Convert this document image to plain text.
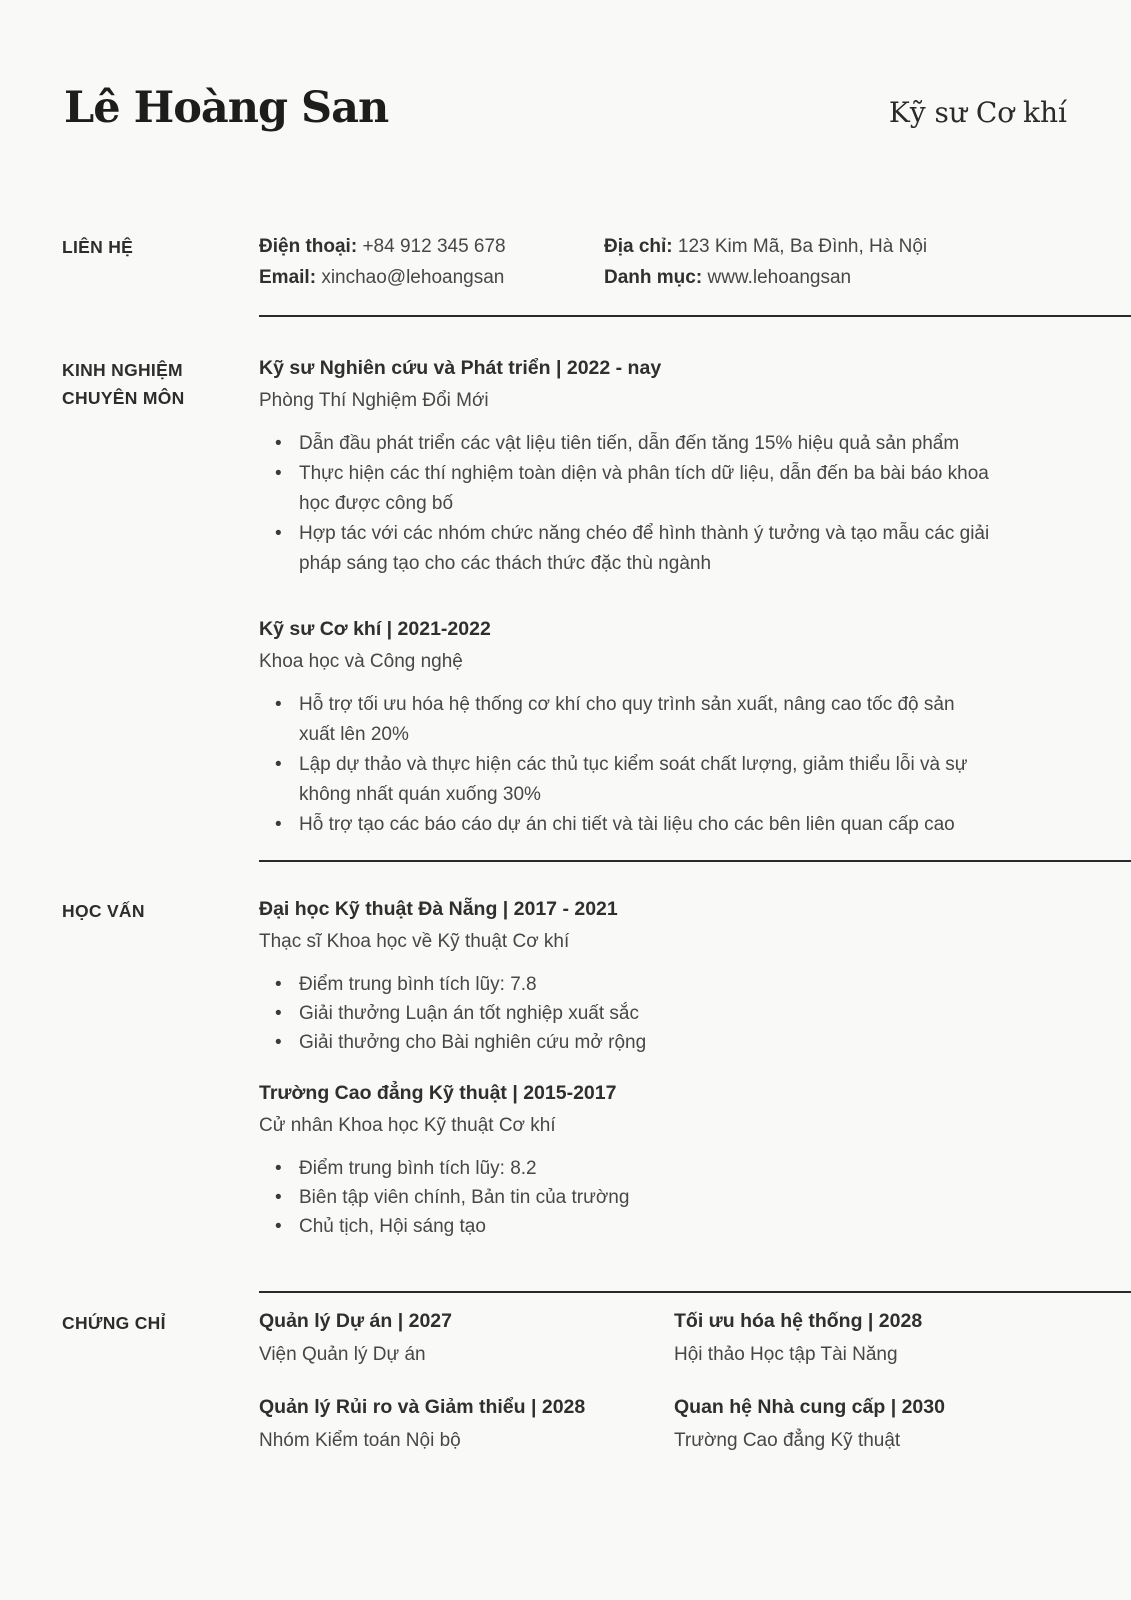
Lê Hoàng San	Kỹ sư Cơ khí
LIÊN HỆ	Điện thoại: +84 912 345 678
Email: xinchao@lehoangsan
Địa chỉ: 123 Kim Mã, Ba Đình, Hà Nội
Danh mục: www.lehoangsan
KINH NGHIỆM
CHUYÊN MÔN
Kỹ sư Nghiên cứu và Phát triển | 2022 - nay
Phòng Thí Nghiệm Đổi Mới
• Dẫn đầu phát triển các vật liệu tiên tiến, dẫn đến tăng 15% hiệu quả sản phẩm
• Thực hiện các thí nghiệm toàn diện và phân tích dữ liệu, dẫn đến ba bài báo khoa học được công bố
• Hợp tác với các nhóm chức năng chéo để hình thành ý tưởng và tạo mẫu các giải pháp sáng tạo cho các thách thức đặc thù ngành
Kỹ sư Cơ khí | 2021-2022
Khoa học và Công nghệ
• Hỗ trợ tối ưu hóa hệ thống cơ khí cho quy trình sản xuất, nâng cao tốc độ sản xuất lên 20%
• Lập dự thảo và thực hiện các thủ tục kiểm soát chất lượng, giảm thiểu lỗi và sự không nhất quán xuống 30%
• Hỗ trợ tạo các báo cáo dự án chi tiết và tài liệu cho các bên liên quan cấp cao
HỌC VẤN	Đại học Kỹ thuật Đà Nẵng | 2017 - 2021
Thạc sĩ Khoa học về Kỹ thuật Cơ khí
• Điểm trung bình tích lũy: 7.8
• Giải thưởng Luận án tốt nghiệp xuất sắc
• Giải thưởng cho Bài nghiên cứu mở rộng
Trường Cao đẳng Kỹ thuật | 2015-2017
Cử nhân Khoa học Kỹ thuật Cơ khí
• Điểm trung bình tích lũy: 8.2
• Biên tập viên chính, Bản tin của trường
• Chủ tịch, Hội sáng tạo
CHỨNG CHỈ	Quản lý Dự án | 2027
Viện Quản lý Dự án
Tối ưu hóa hệ thống | 2028
Hội thảo Học tập Tài Năng
Quản lý Rủi ro và Giảm thiểu | 2028
Nhóm Kiểm toán Nội bộ
Quan hệ Nhà cung cấp | 2030
Trường Cao đẳng Kỹ thuật
